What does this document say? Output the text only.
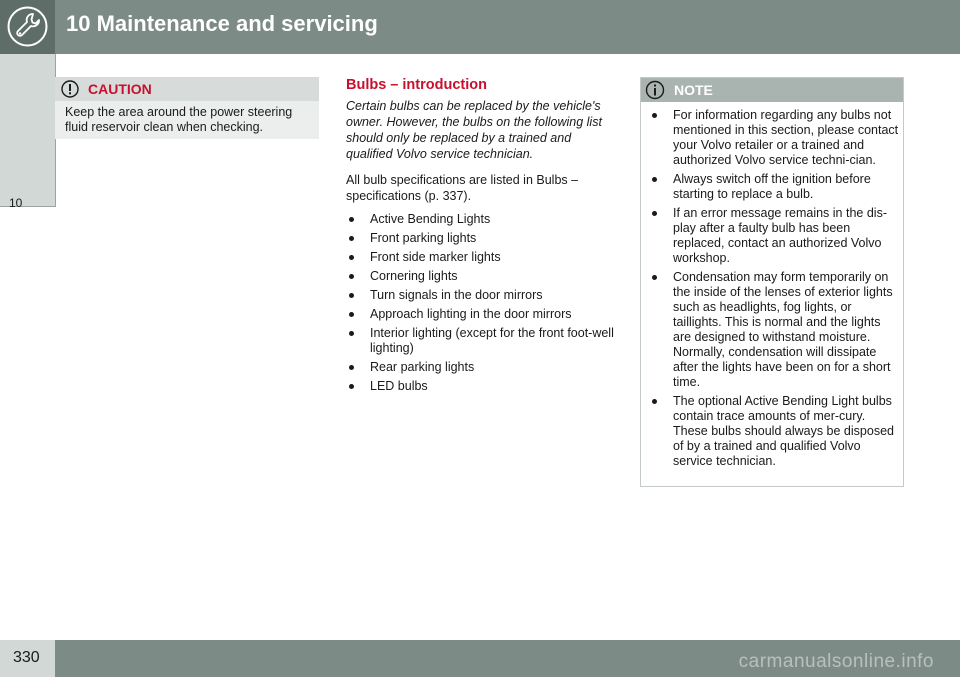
10 Maintenance and servicing
10
CAUTION
Keep the area around the power steering fluid reservoir clean when checking.
Bulbs – introduction
Certain bulbs can be replaced by the vehicle's owner. However, the bulbs on the following list should only be replaced by a trained and qualified Volvo service technician.
All bulb specifications are listed in Bulbs – specifications (p. 337).
Active Bending Lights
Front parking lights
Front side marker lights
Cornering lights
Turn signals in the door mirrors
Approach lighting in the door mirrors
Interior lighting (except for the front foot-well lighting)
Rear parking lights
LED bulbs
NOTE
For information regarding any bulbs not mentioned in this section, please contact your Volvo retailer or a trained and authorized Volvo service techni-cian.
Always switch off the ignition before starting to replace a bulb.
If an error message remains in the dis-play after a faulty bulb has been replaced, contact an authorized Volvo workshop.
Condensation may form temporarily on the inside of the lenses of exterior lights such as headlights, fog lights, or taillights. This is normal and the lights are designed to withstand moisture. Normally, condensation will dissipate after the lights have been on for a short time.
The optional Active Bending Light bulbs contain trace amounts of mer-cury. These bulbs should always be disposed of by a trained and qualified Volvo service technician.
330	carmanualsonline.info
